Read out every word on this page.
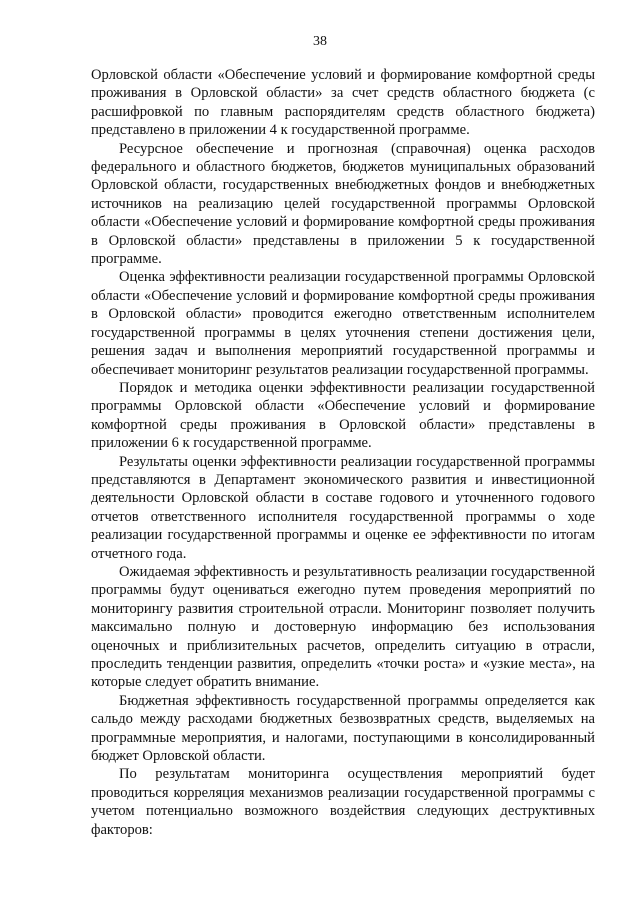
38

Орловской области «Обеспечение условий и формирование комфортной среды проживания в Орловской области» за счет средств областного бюджета (с расшифровкой по главным распорядителям средств областного бюджета) представлено в приложении 4 к государственной программе.

Ресурсное обеспечение и прогнозная (справочная) оценка расходов федерального и областного бюджетов, бюджетов муниципальных образований Орловской области, государственных внебюджетных фондов и внебюджетных источников на реализацию целей государственной программы Орловской области «Обеспечение условий и формирование комфортной среды проживания в Орловской области» представлены в приложении 5 к государственной программе.

Оценка эффективности реализации государственной программы Орловской области «Обеспечение условий и формирование комфортной среды проживания в Орловской области» проводится ежегодно ответственным исполнителем государственной программы в целях уточнения степени достижения цели, решения задач и выполнения мероприятий государственной программы и обеспечивает мониторинг результатов реализации государственной программы.

Порядок и методика оценки эффективности реализации государственной программы Орловской области «Обеспечение условий и формирование комфортной среды проживания в Орловской области» представлены в приложении 6 к государственной программе.

Результаты оценки эффективности реализации государственной программы представляются в Департамент экономического развития и инвестиционной деятельности Орловской области в составе годового и уточненного годового отчетов ответственного исполнителя государственной программы о ходе реализации государственной программы и оценке ее эффективности по итогам отчетного года.

Ожидаемая эффективность и результативность реализации государственной программы будут оцениваться ежегодно путем проведения мероприятий по мониторингу развития строительной отрасли. Мониторинг позволяет получить максимально полную и достоверную информацию без использования оценочных и приблизительных расчетов, определить ситуацию в отрасли, проследить тенденции развития, определить «точки роста» и «узкие места», на которые следует обратить внимание.

Бюджетная эффективность государственной программы определяется как сальдо между расходами бюджетных безвозвратных средств, выделяемых на программные мероприятия, и налогами, поступающими в консолидированный бюджет Орловской области.

По результатам мониторинга осуществления мероприятий будет проводиться корреляция механизмов реализации государственной программы с учетом потенциально возможного воздействия следующих деструктивных факторов:
